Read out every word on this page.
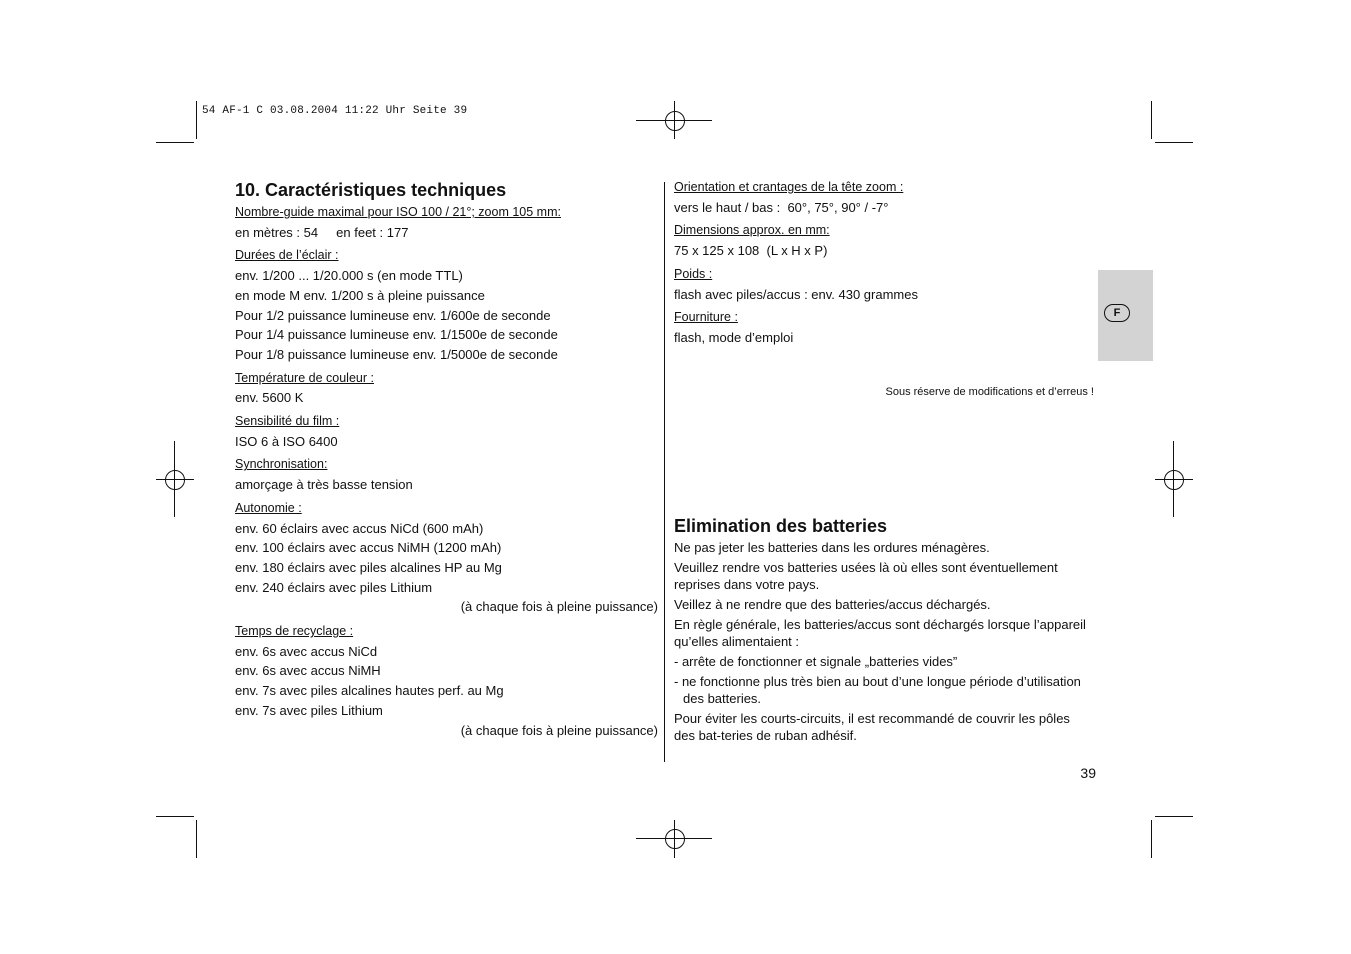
54 AF-1 C 03.08.2004 11:22 Uhr Seite 39
F
10. Caractéristiques techniques
Nombre-guide maximal pour ISO 100 / 21°; zoom 105 mm:
en mètres : 54     en feet : 177
Durées de l’éclair :
env. 1/200 ... 1/20.000 s (en mode TTL)
en mode M env. 1/200 s à pleine puissance
Pour 1/2 puissance lumineuse env. 1/600e de seconde
Pour 1/4 puissance lumineuse env. 1/1500e de seconde
Pour 1/8 puissance lumineuse env. 1/5000e de seconde
Température de couleur :
env. 5600 K
Sensibilité du film :
ISO 6 à ISO 6400
Synchronisation:
amorçage à très basse tension
Autonomie :
env. 60 éclairs avec accus NiCd (600 mAh)
env. 100 éclairs avec accus NiMH (1200 mAh)
env. 180 éclairs avec piles alcalines HP au Mg
env. 240 éclairs avec piles Lithium
(à chaque fois à pleine puissance)
Temps de recyclage :
env. 6s avec accus NiCd
env. 6s avec accus NiMH
env. 7s avec piles alcalines hautes perf. au Mg
env. 7s avec piles Lithium
(à chaque fois à pleine puissance)
Orientation et crantages de la tête zoom :
vers le haut / bas :  60°, 75°, 90° / -7°
Dimensions approx. en mm:
75 x 125 x 108  (L x H x P)
Poids :
flash avec piles/accus : env. 430 grammes
Fourniture :
flash, mode d’emploi
Sous réserve de modifications et d’erreus !
Elimination des batteries
Ne pas jeter les batteries dans les ordures ménagères.
Veuillez rendre vos batteries usées là où elles sont éventuellement reprises dans votre pays.
Veillez à ne rendre que des batteries/accus déchargés.
En règle générale, les batteries/accus sont déchargés lorsque l’appareil qu’elles alimentaient :
- arrête de fonctionner et signale „batteries vides”
- ne fonctionne plus très bien au bout d’une longue période d’utilisation des batteries.
Pour éviter les courts-circuits, il est recommandé de couvrir les pôles des bat-teries de ruban adhésif.
39
